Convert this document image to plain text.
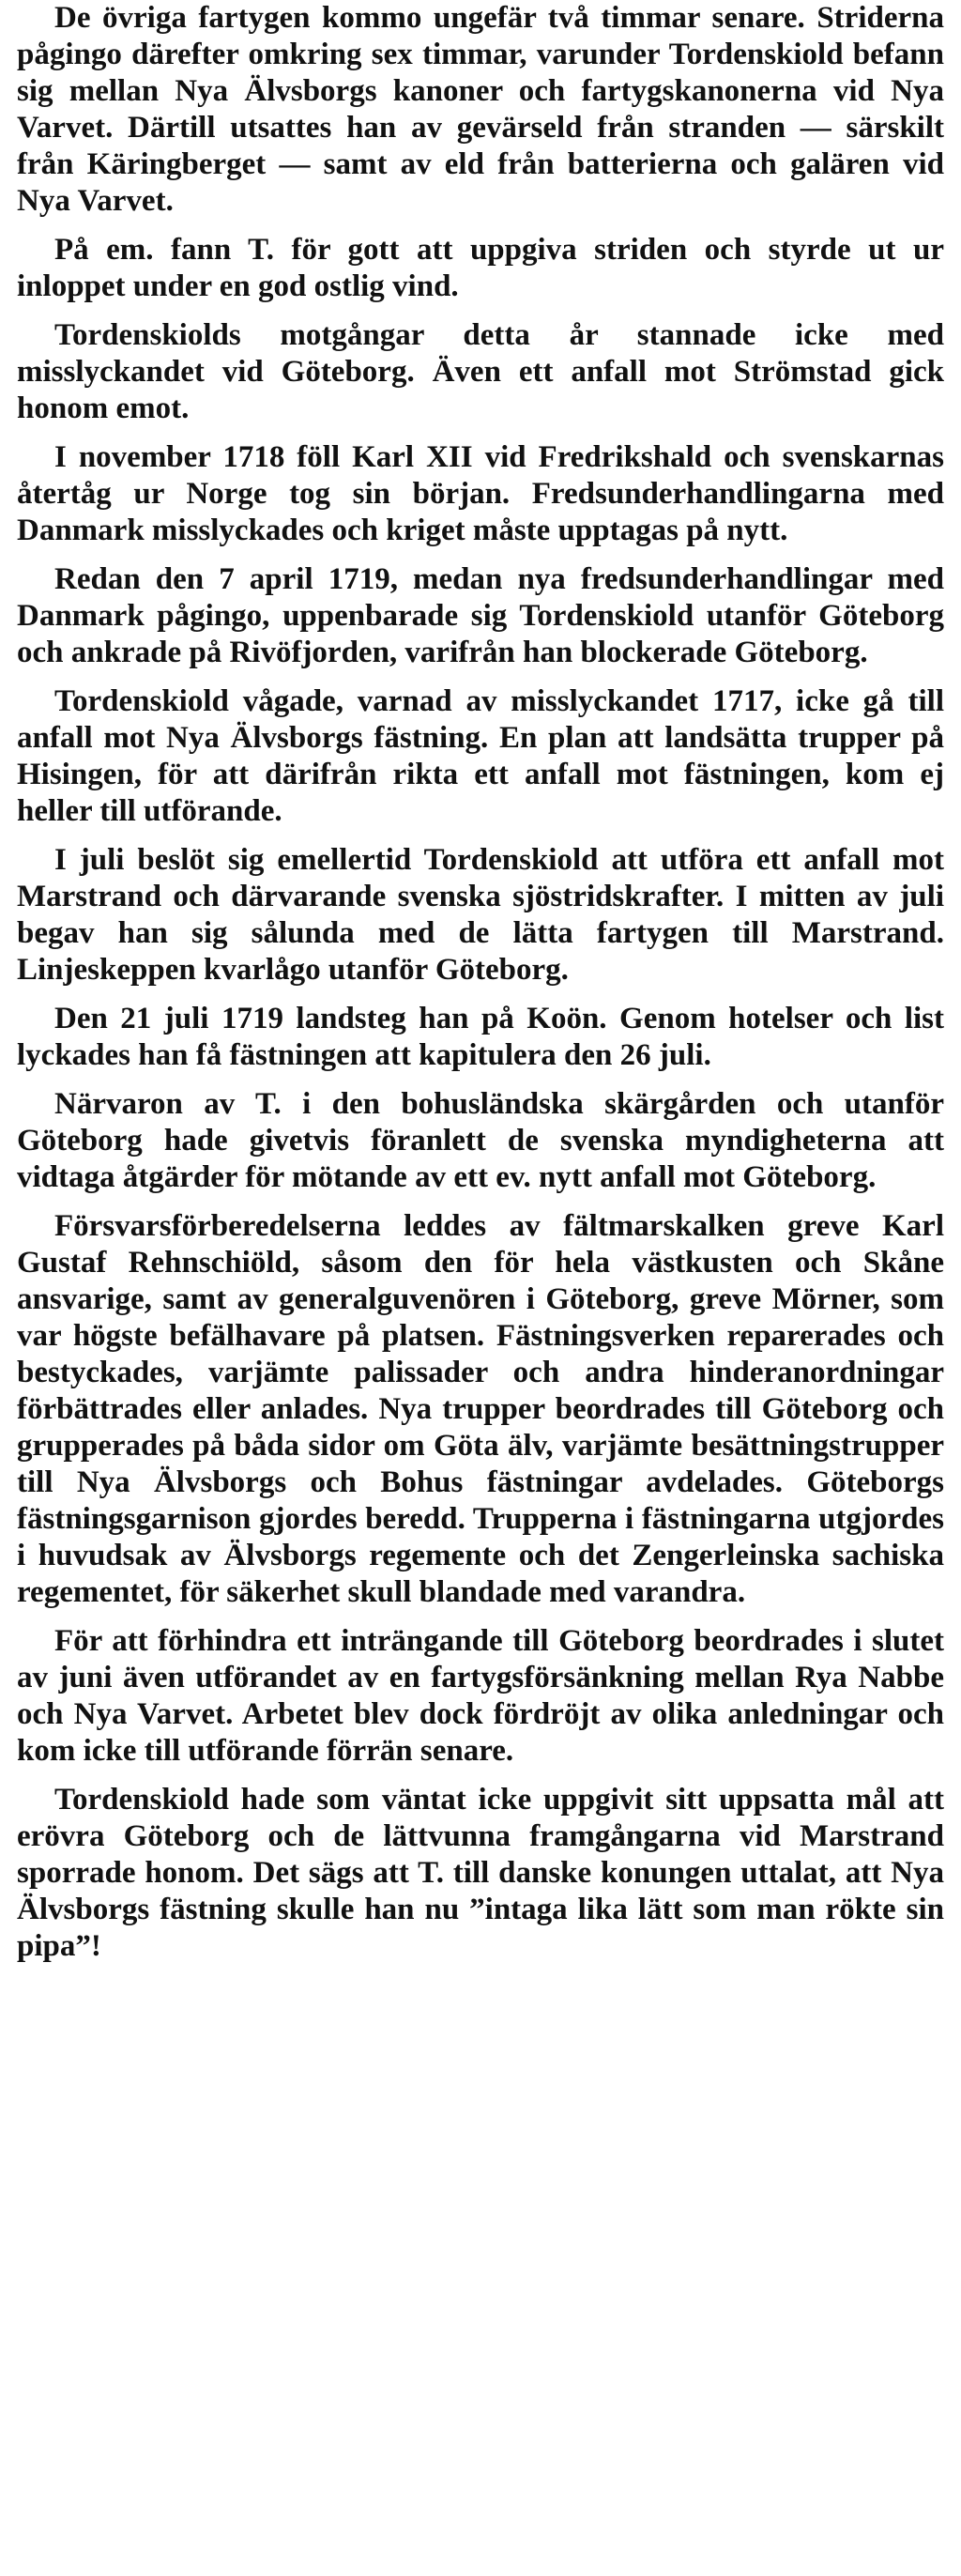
De övriga fartygen kommo ungefär två timmar senare. Striderna pågingo därefter omkring sex timmar, varunder Tordenskiold befann sig mellan Nya Älvsborgs kanoner och fartygskanonerna vid Nya Varvet. Därtill utsattes han av gevärseld från stranden — särskilt från Käringberget — samt av eld från batterierna och galären vid Nya Varvet.

På em. fann T. för gott att uppgiva striden och styrde ut ur inloppet under en god ostlig vind.

Tordenskiolds motgångar detta år stannade icke med misslyckandet vid Göteborg. Även ett anfall mot Strömstad gick honom emot.

I november 1718 föll Karl XII vid Fredrikshald och svenskarnas återtåg ur Norge tog sin början. Fredsunderhandlingarna med Danmark misslyckades och kriget måste upptagas på nytt.

Redan den 7 april 1719, medan nya fredsunderhandlingar med Danmark pågingo, uppenbarade sig Tordenskiold utanför Göteborg och ankrade på Rivöfjorden, varifrån han blockerade Göteborg.

Tordenskiold vågade, varnad av misslyckandet 1717, icke gå till anfall mot Nya Älvsborgs fästning. En plan att landsätta trupper på Hisingen, för att därifrån rikta ett anfall mot fästningen, kom ej heller till utförande.

I juli beslöt sig emellertid Tordenskiold att utföra ett anfall mot Marstrand och därvarande svenska sjöstridskrafter. I mitten av juli begav han sig sålunda med de lätta fartygen till Marstrand. Linjeskeppen kvarlågo utanför Göteborg.

Den 21 juli 1719 landsteg han på Koön. Genom hotelser och list lyckades han få fästningen att kapitulera den 26 juli.

Närvaron av T. i den bohusländska skärgården och utanför Göteborg hade givetvis föranlett de svenska myndigheterna att vidtaga åtgärder för mötande av ett ev. nytt anfall mot Göteborg.

Försvarsförberedelserna leddes av fältmarskalken greve Karl Gustaf Rehnschiöld, såsom den för hela västkusten och Skåne ansvarige, samt av generalguvenören i Göteborg, greve Mörner, som var högste befälhavare på platsen. Fästningsverken reparerades och bestyckades, varjämte palissader och andra hinderanordningar förbättrades eller anlades. Nya trupper beordrades till Göteborg och grupperades på båda sidor om Göta älv, varjämte besättningstrupper till Nya Älvsborgs och Bohus fästningar avdelades. Göteborgs fästningsgarnison gjordes beredd. Trupperna i fästningarna utgjordes i huvudsak av Älvsborgs regemente och det Zengerleinska sachiska regementet, för säkerhet skull blandade med varandra.

För att förhindra ett inträngande till Göteborg beordrades i slutet av juni även utförandet av en fartygsförsänkning mellan Rya Nabbe och Nya Varvet. Arbetet blev dock fördröjt av olika anledningar och kom icke till utförande förrän senare.

Tordenskiold hade som väntat icke uppgivit sitt uppsatta mål att erövra Göteborg och de lättvunna framgångarna vid Marstrand sporrade honom. Det sägs att T. till danske konungen uttalat, att Nya Älvsborgs fästning skulle han nu ”intaga lika lätt som man rökte sin pipa”!
